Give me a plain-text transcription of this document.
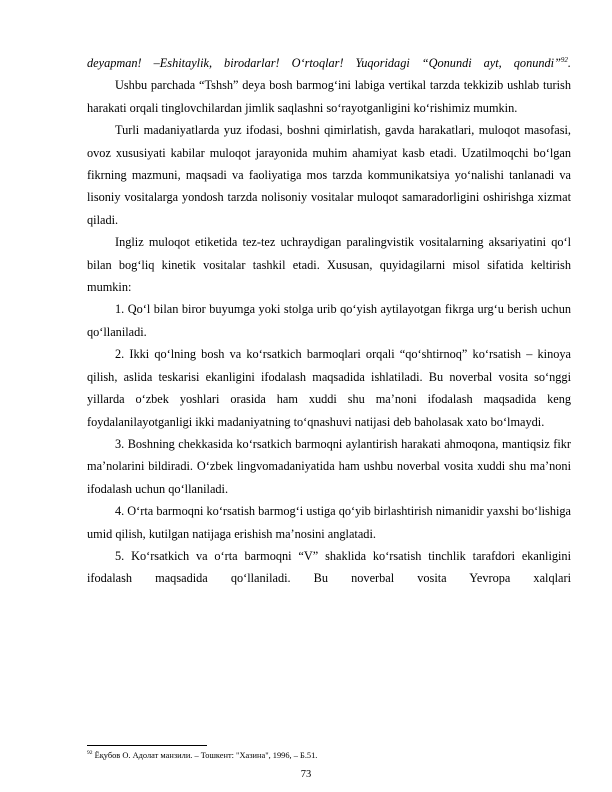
deyapman! –Eshitaylik, birodarlar! O‘rtoqlar! Yuqoridagi “Qonundi ayt, qonundi”$^{92}$.

Ushbu parchada “Tshsh” deya bosh barmog‘ini labiga vertikal tarzda tekkizib ushlab turish harakati orqali tinglovchilardan jimlik saqlashni so‘rayotganligini ko‘rishimiz mumkin.

Turli madaniyatlarda yuz ifodasi, boshni qimirlatish, gavda harakatlari, muloqot masofasi, ovoz xususiyati kabilar muloqot jarayonida muhim ahamiyat kasb etadi. Uzatilmoqchi bo‘lgan fikrning mazmuni, maqsadi va faoliyatiga mos tarzda kommunikatsiya yo‘nalishi tanlanadi va lisoniy vositalarga yondosh tarzda nolisoniy vositalar muloqot samaradorligini oshirishga xizmat qiladi.

Ingliz muloqot etiketida tez-tez uchraydigan paralingvistik vositalarning aksariyatini qo‘l bilan bog‘liq kinetik vositalar tashkil etadi. Xususan, quyidagilarni misol sifatida keltirish mumkin:

1. Qo‘l bilan biror buyumga yoki stolga urib qo‘yish aytilayotgan fikrga urg‘u berish uchun qo‘llaniladi.

2. Ikki qo‘lning bosh va ko‘rsatkich barmoqlari orqali “qo‘shtirnoq” ko‘rsatish – kinoya qilish, aslida teskarisi ekanligini ifodalash maqsadida ishlatiladi. Bu noverbal vosita so‘nggi yillarda o‘zbek yoshlari orasida ham xuddi shu ma’noni ifodalash maqsadida keng foydalanilayotganligi ikki madaniyatning to‘qnashuvi natijasi deb baholasak xato bo‘lmaydi.

3. Boshning chekkasida ko‘rsatkich barmoqni aylantirish harakati ahmoqona, mantiqsiz fikr ma’nolarini bildiradi. O‘zbek lingvomadaniyatida ham ushbu noverbal vosita xuddi shu ma’noni ifodalash uchun qo‘llaniladi.

4. O‘rta barmoqni ko‘rsatish barmog‘i ustiga qo‘yib birlashtirish nimanidir yaxshi bo‘lishiga umid qilish, kutilgan natijaga erishish ma’nosini anglatadi.

5. Ko‘rsatkich va o‘rta barmoqni “V” shaklida ko‘rsatish tinchlik tarafdori ekanligini ifodalash maqsadida qo‘llaniladi. Bu noverbal vosita Yevropa xalqlari

$^{92}$ Ёқубов О. Адолат манзили. – Тошкент: "Хазина", 1996, – Б.51.
73
